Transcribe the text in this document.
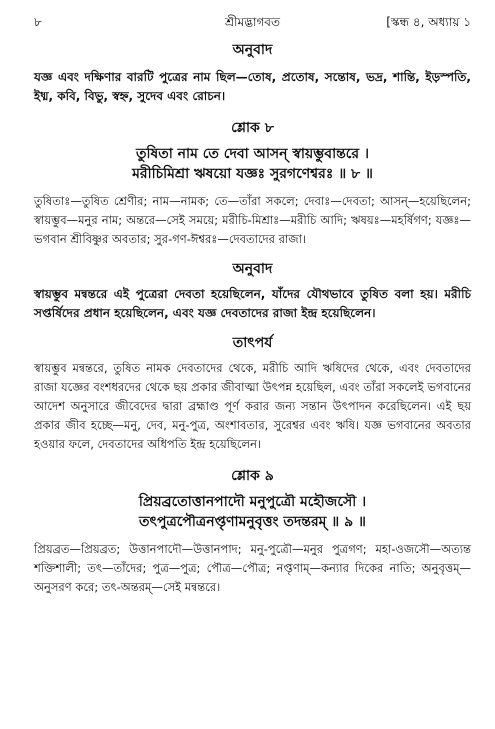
৮	শ্রীমদ্ভাগবত	[স্কন্ধ ৪, অধ্যায় ১

অনুবাদ

যজ্ঞ এবং দক্ষিণার বারটি পুত্রের নাম ছিল—তোষ, প্রতোষ, সন্তোষ, ভদ্র, শান্তি, ইড়স্পতি, ইধ্ম, কবি, বিভু, স্বহ্ন, সুদেব এবং রোচন।

শ্লোক ৮

তুষিতা নাম তে দেবা আসন্ স্বায়ম্ভুবান্তরে ।

মরীচিমিশ্রা ঋষয়ো যজ্ঞঃ সুরগণেশ্বরঃ ॥ ৮ ॥

তুষিতাঃ—তুষিত শ্রেণীর; নাম—নামক; তে—তাঁরা সকলে; দেবাঃ—দেবতা; আসন্—হয়েছিলেন; স্বায়ম্ভুব—মনুর নাম; অন্তরে—সেই সময়ে; মরীচি-মিশ্রাঃ—মরীচি আদি; ঋষয়ঃ—মহর্ষিগণ; যজ্ঞঃ—ভগবান শ্রীবিষ্ণুর অবতার; সুর-গণ-ঈশ্বরঃ—দেবতাদের রাজা।

অনুবাদ

স্বায়ম্ভুব মন্বন্তরে এই পুত্রেরা দেবতা হয়েছিলেন, যাঁদের যৌথভাবে তুষিত বলা হয়। মরীচি সপ্তর্ষিদের প্রধান হয়েছিলেন, এবং যজ্ঞ দেবতাদের রাজা ইন্দ্র হয়েছিলেন।

তাৎপর্য

স্বায়ম্ভুব মন্বন্তরে, তুষিত নামক দেবতাদের থেকে, মরীচি আদি ঋষিদের থেকে, এবং দেবতাদের রাজা যজ্ঞের বংশধরদের থেকে ছয় প্রকার জীবাত্মা উৎপন্ন হয়েছিল, এবং তাঁরা সকলেই ভগবানের আদেশ অনুসারে জীবেদের দ্বারা ব্রহ্মাণ্ড পূর্ণ করার জন্য সন্তান উৎপাদন করেছিলেন। এই ছয় প্রকার জীব হচ্ছে—মনু, দেব, মনু-পুত্র, অংশাবতার, সুরেশ্বর এবং ঋষি। যজ্ঞ ভগবানের অবতার হওয়ার ফলে, দেবতাদের অধিপতি ইন্দ্র হয়েছিলেন।

শ্লোক ৯

প্রিয়ব্রতোত্তানপাদৌ মনুপুত্রৌ মহৌজসৌ ।

তৎপুত্রপৌত্রনপ্তৃণামনুবৃত্তং তদন্তরম্ ॥ ৯ ॥

প্রিয়ব্রত—প্রিয়ব্রত; উত্তানপাদৌ—উত্তানপাদ; মনু-পুত্রৌ—মনুর পুত্রগণ; মহা-ওজসৌ—অত্যন্ত শক্তিশালী; তৎ—তাঁদের; পুত্র—পুত্র; পৌত্র—পৌত্র; নপ্তৃণাম্—কন্যার দিকের নাতি; অনুবৃত্তম্—অনুসরণ করে; তৎ-অন্তরম্—সেই মন্বন্তরে।
